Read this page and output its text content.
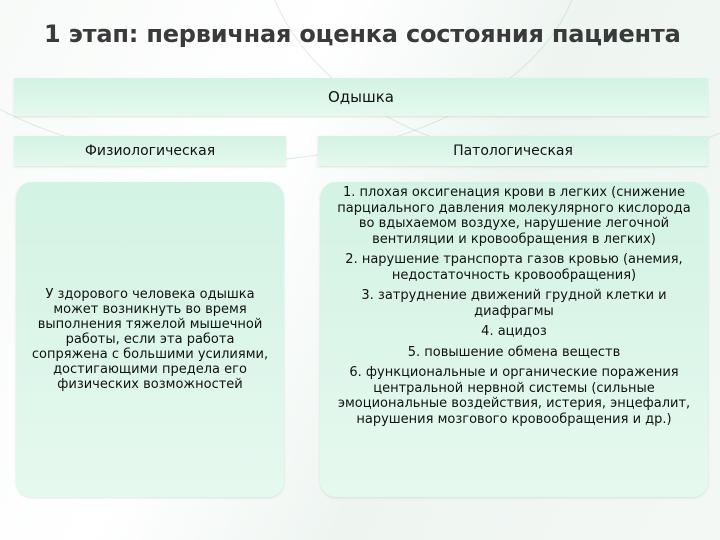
1 этап: первичная оценка состояния пациента
Одышка
Физиологическая	Патологическая

У здорового человека одышка может возникнуть во время выполнения тяжелой мышечной работы, если эта работа сопряжена с большими усилиями, достигающими предела его физических возможностей

1. плохая оксигенация крови в легких (снижение парциального давления молекулярного кислорода во вдыхаемом воздухе, нарушение легочной вентиляции и кровообращения в легких)

2. нарушение транспорта газов кровью (анемия, недостаточность кровообращения)

3. затруднение движений грудной клетки и диафрагмы

4. ацидоз

5. повышение обмена веществ

6. функциональные и органические поражения центральной нервной системы (сильные эмоциональные воздействия, истерия, энцефалит, нарушения мозгового кровообращения и др.)
